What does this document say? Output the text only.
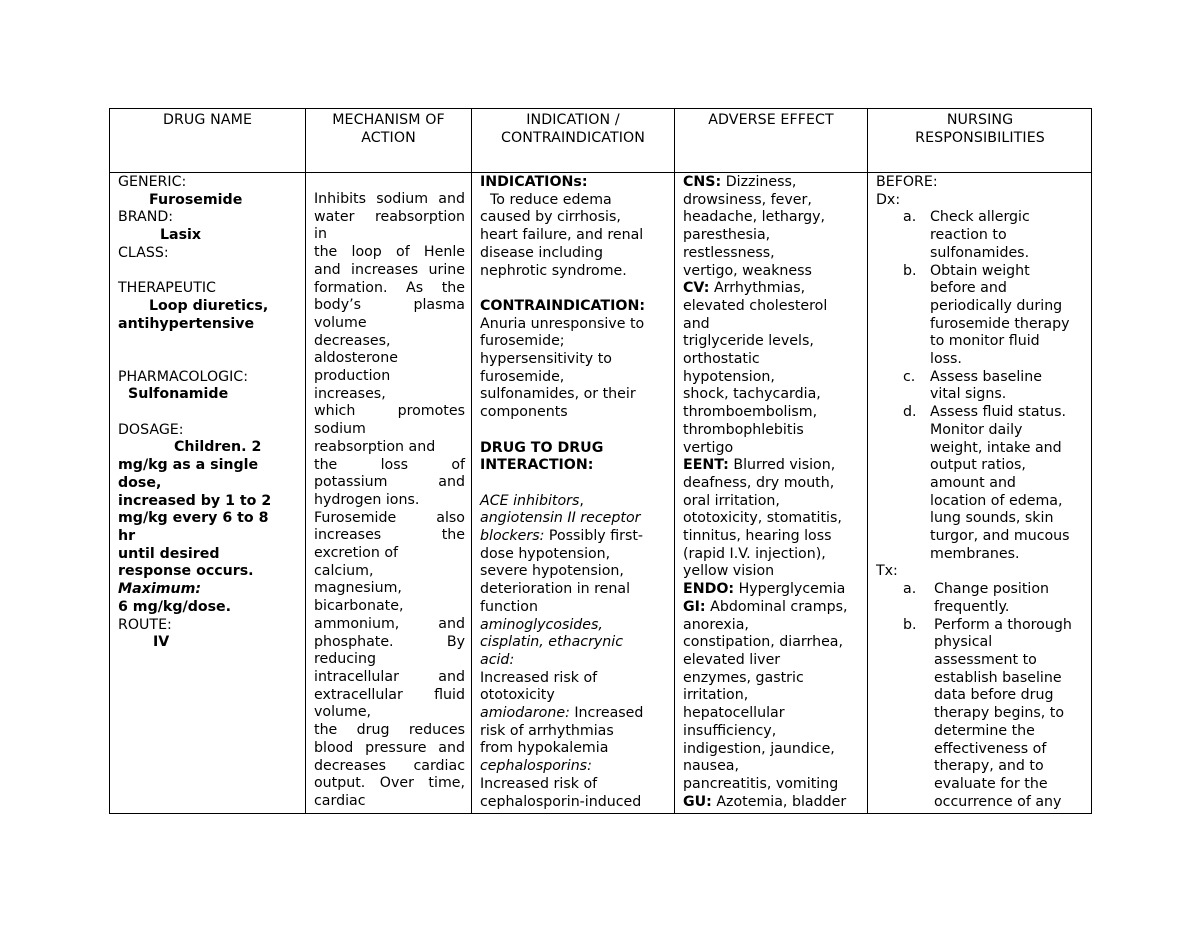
DRUG NAME
GENERIC:
Furosemide
BRAND:
Lasix
CLASS:
THERAPEUTIC
Loop diuretics,
antihypertensive
PHARMACOLOGIC:
Sulfonamide
DOSAGE:
Children. 2
mg/kg as a single
dose,
increased by 1 to 2
mg/kg every 6 to 8
hr
until desired
response occurs.
Maximum:
6 mg/kg/dose.
ROUTE:
IV
MECHANISM OF
ACTION
Inhibits sodium and
water reabsorption
in
the loop of Henle
and increases urine
formation. As the
body’s plasma
volume
decreases,
aldosterone
production
increases,
which promotes
sodium
reabsorption and
the loss of
potassium and
hydrogen ions.
Furosemide also
increases the
excretion of
calcium,
magnesium,
bicarbonate,
ammonium, and
phosphate. By
reducing
intracellular and
extracellular fluid
volume,
the drug reduces
blood pressure and
decreases cardiac
output. Over time,
cardiac
INDICATION /
CONTRAINDICATION
INDICATIONs:
To reduce edema
caused by cirrhosis,
heart failure, and renal
disease including
nephrotic syndrome.
CONTRAINDICATION:
Anuria unresponsive to
furosemide;
hypersensitivity to
furosemide,
sulfonamides, or their
components
DRUG TO DRUG
INTERACTION:
ACE inhibitors,
angiotensin II receptor
blockers: Possibly first-
dose hypotension,
severe hypotension,
deterioration in renal
function
aminoglycosides,
cisplatin, ethacrynic
acid:
Increased risk of
ototoxicity
amiodarone: Increased
risk of arrhythmias
from hypokalemia
cephalosporins:
Increased risk of
cephalosporin-induced
ADVERSE EFFECT
CNS: Dizziness,
drowsiness, fever,
headache, lethargy,
paresthesia,
restlessness,
vertigo, weakness
CV: Arrhythmias,
elevated cholesterol
and
triglyceride levels,
orthostatic
hypotension,
shock, tachycardia,
thromboembolism,
thrombophlebitis
vertigo
EENT: Blurred vision,
deafness, dry mouth,
oral irritation,
ototoxicity, stomatitis,
tinnitus, hearing loss
(rapid I.V. injection),
yellow vision
ENDO: Hyperglycemia
GI: Abdominal cramps,
anorexia,
constipation, diarrhea,
elevated liver
enzymes, gastric
irritation,
hepatocellular
insufficiency,
indigestion, jaundice,
nausea,
pancreatitis, vomiting
GU: Azotemia, bladder
NURSING
RESPONSIBILITIES
BEFORE:
Dx:
a. Check allergic
reaction to
sulfonamides.
b. Obtain weight
before and
periodically during
furosemide therapy
to monitor fluid
loss.
c. Assess baseline
vital signs.
d. Assess fluid status.
Monitor daily
weight, intake and
output ratios,
amount and
location of edema,
lung sounds, skin
turgor, and mucous
membranes.
Tx:
a. Change position
frequently.
b. Perform a thorough
physical
assessment to
establish baseline
data before drug
therapy begins, to
determine the
effectiveness of
therapy, and to
evaluate for the
occurrence of any
